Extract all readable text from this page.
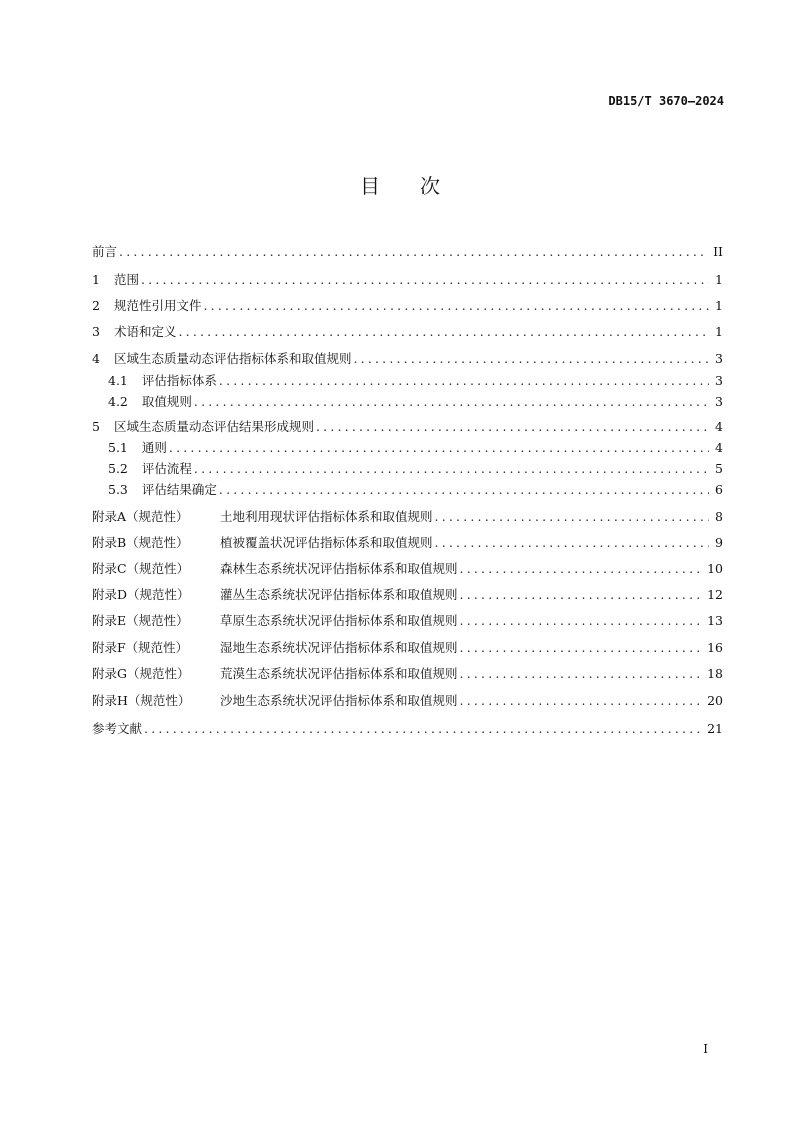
DB15/T 3670—2024
目次
前言 .....	II
1 范围 .....	1
2 规范性引用文件 .....	1
3 术语和定义 .....	1
4 区域生态质量动态评估指标体系和取值规则 .....	3
4.1 评估指标体系 .....	3
4.2 取值规则 .....	3
5 区域生态质量动态评估结果形成规则 .....	4
5.1 通则 .....	4
5.2 评估流程 .....	5
5.3 评估结果确定 .....	6
附录A（规范性）	土地利用现状评估指标体系和取值规则 .....	8
附录B（规范性）	植被覆盖状况评估指标体系和取值规则 .....	9
附录C（规范性）	森林生态系统状况评估指标体系和取值规则 .....	10
附录D（规范性）	灌丛生态系统状况评估指标体系和取值规则 .....	12
附录E（规范性）	草原生态系统状况评估指标体系和取值规则 .....	13
附录F（规范性）	湿地生态系统状况评估指标体系和取值规则 .....	16
附录G（规范性）	荒漠生态系统状况评估指标体系和取值规则 .....	18
附录H（规范性）	沙地生态系统状况评估指标体系和取值规则 .....	20
参考文献 .....	21
I
